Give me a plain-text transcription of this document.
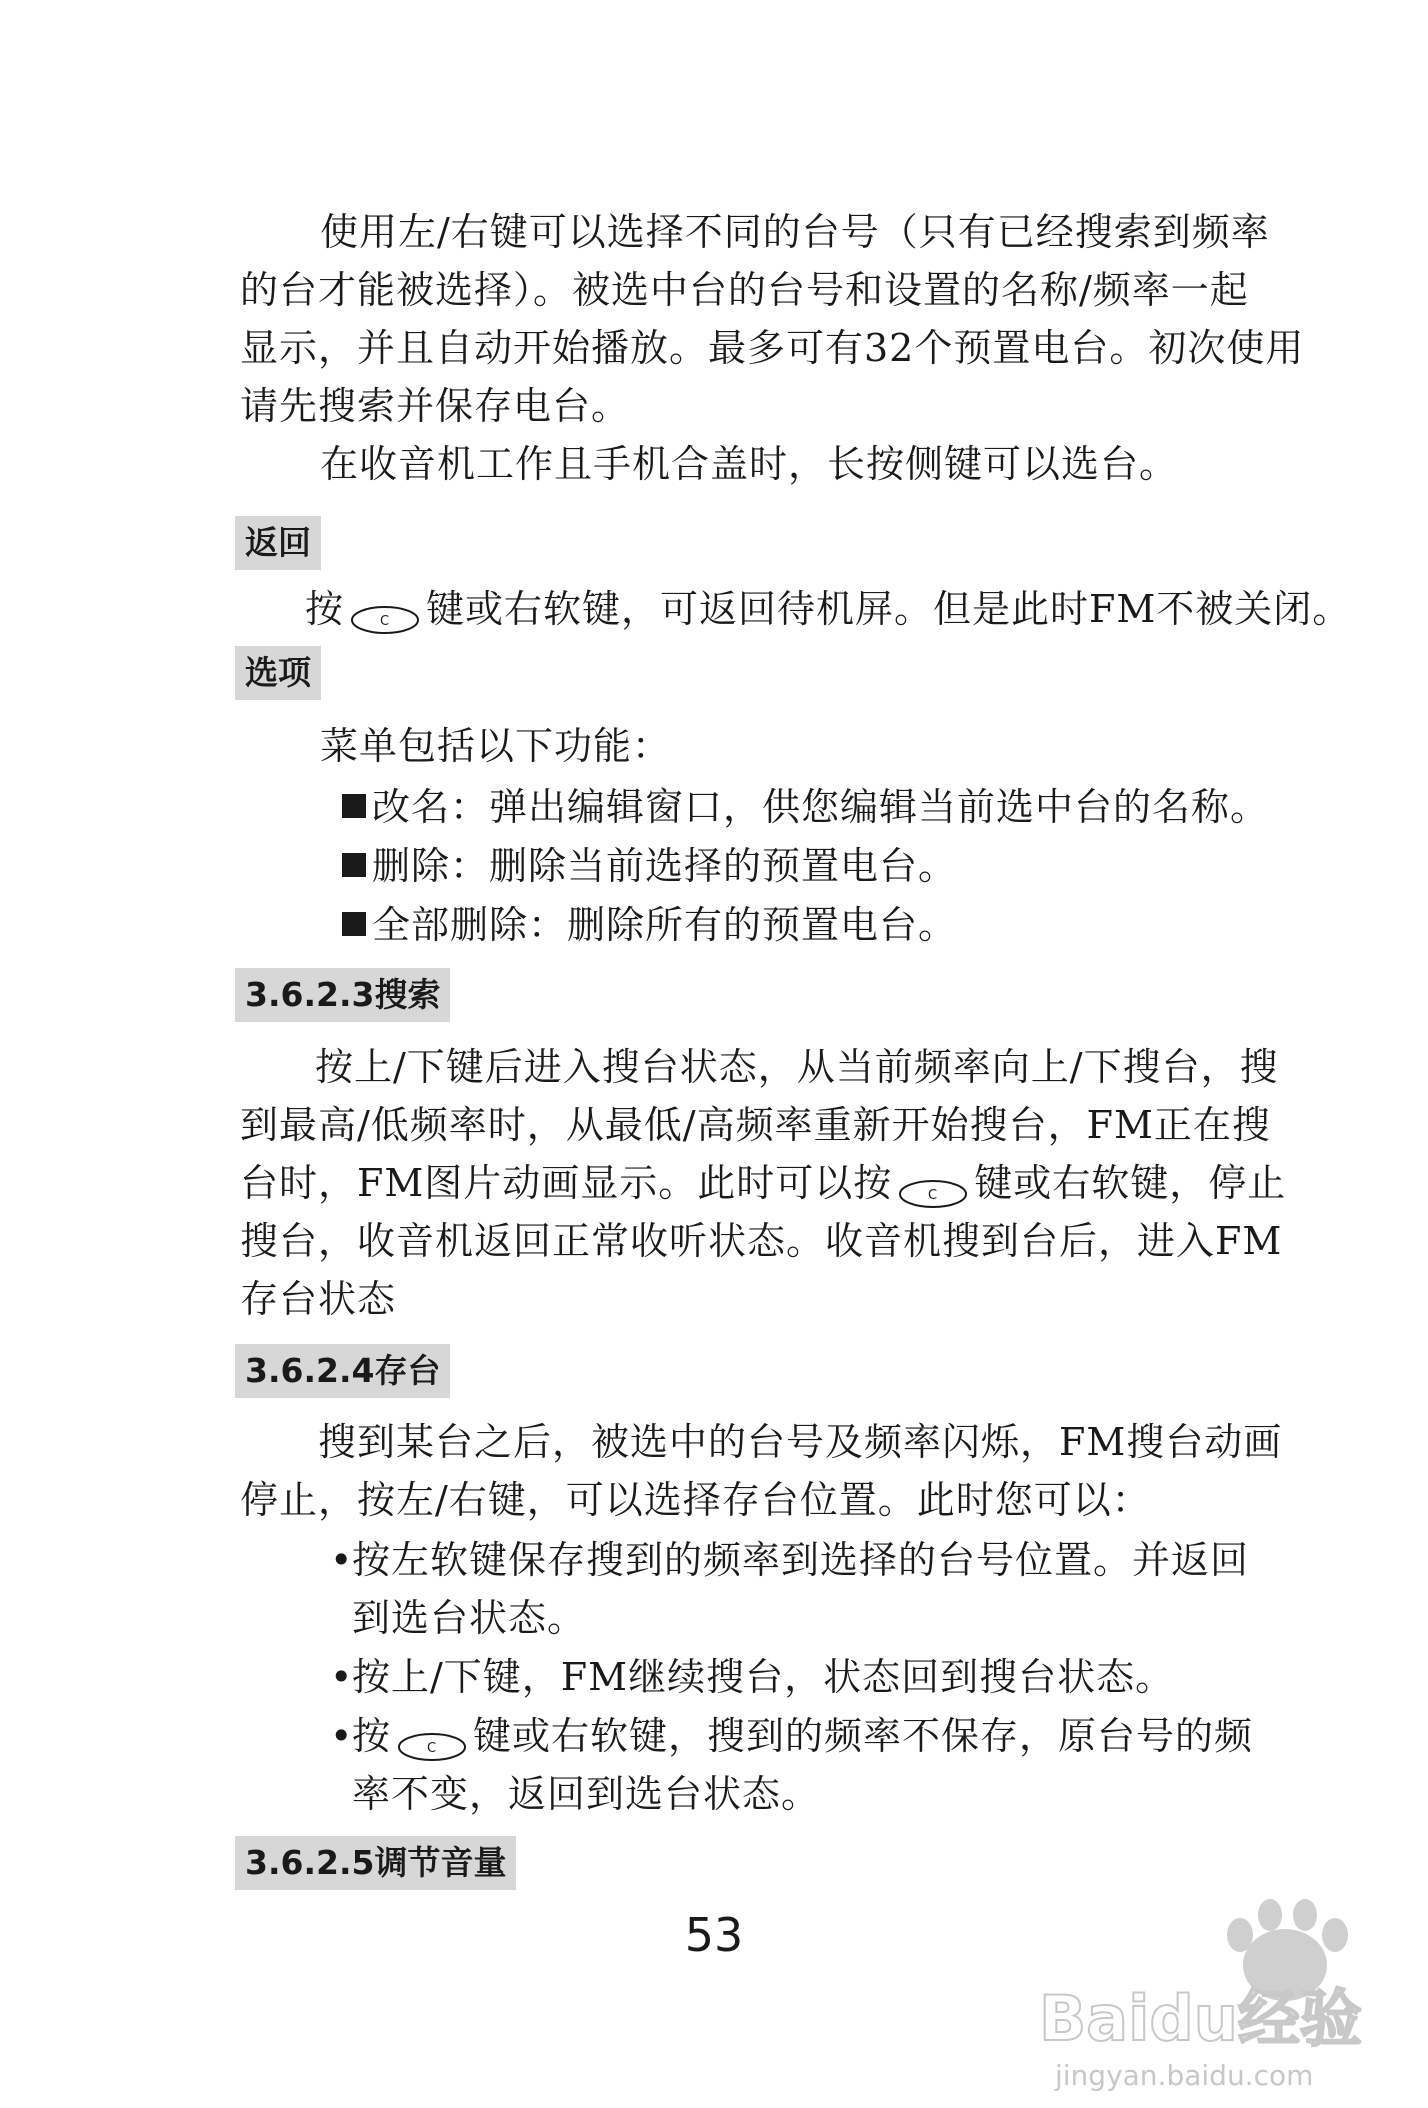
使用左/右键可以选择不同的台号（只有已经搜索到频率
的台才能被选择）。被选中台的台号和设置的名称/频率一起
显示，并且自动开始播放。最多可有32个预置电台。初次使用
请先搜索并保存电台。
在收音机工作且手机合盖时，长按侧键可以选台。
返回
按	C 键或右软键，可返回待机屏。但是此时FM不被关闭。
选项
菜单包括以下功能：
改名：弹出编辑窗口，供您编辑当前选中台的名称。
删除：删除当前选择的预置电台。
全部删除：删除所有的预置电台。
3.6.2.3搜索
按上/下键后进入搜台状态，从当前频率向上/下搜台，搜
到最高/低频率时，从最低/高频率重新开始搜台，FM正在搜
台时，FM图片动画显示。此时可以按	C 键或右软键，停止
搜台，收音机返回正常收听状态。收音机搜到台后，进入FM
存台状态
3.6.2.4存台
搜到某台之后，被选中的台号及频率闪烁，FM搜台动画
停止，按左/右键，可以选择存台位置。此时您可以：
•按左软键保存搜到的频率到选择的台号位置。并返回
到选台状态。
•按上/下键，FM继续搜台，状态回到搜台状态。
•按	C 键或右软键，搜到的频率不保存，原台号的频
率不变，返回到选台状态。
3.6.2.5调节音量
53
Baidu经验
jingyan.baidu.com
